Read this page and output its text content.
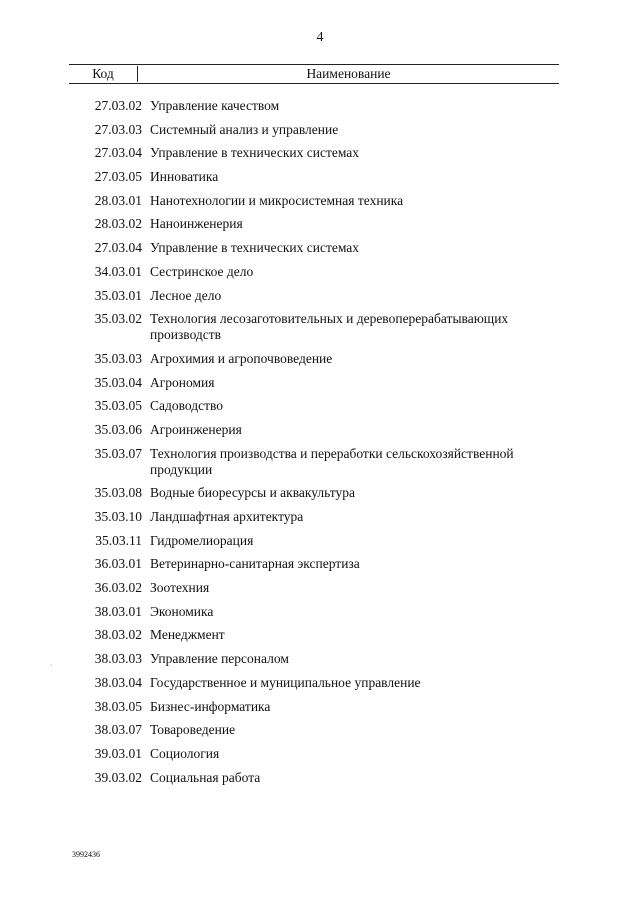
4
Код	Наименование
27.03.02 Управление качеством
27.03.03 Системный анализ и управление
27.03.04 Управление в технических системах
27.03.05 Инноватика
28.03.01 Нанотехнологии и микросистемная техника
28.03.02 Наноинженерия
27.03.04 Управление в технических системах
34.03.01 Сестринское дело
35.03.01 Лесное дело
35.03.02 Технология лесозаготовительных и деревоперерабатывающих производств
35.03.03 Агрохимия и агропочвоведение
35.03.04 Агрономия
35.03.05 Садоводство
35.03.06 Агроинженерия
35.03.07 Технология производства и переработки сельскохозяйственной продукции
35.03.08 Водные биоресурсы и аквакультура
35.03.10 Ландшафтная архитектура
35.03.11 Гидромелиорация
36.03.01 Ветеринарно-санитарная экспертиза
36.03.02 Зоотехния
38.03.01 Экономика
38.03.02 Менеджмент
38.03.03 Управление персоналом
38.03.04 Государственное и муниципальное управление
38.03.05 Бизнес-информатика
38.03.07 Товароведение
39.03.01 Социология
39.03.02 Социальная работа
·
3992436
